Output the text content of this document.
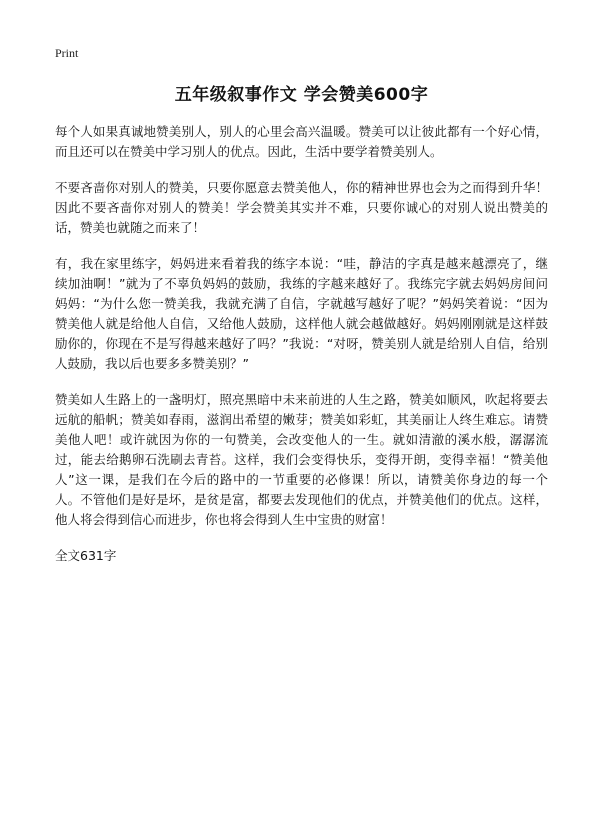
Print
五年级叙事作文 学会赞美600字

每个人如果真诚地赞美别人，别人的心里会高兴温暖。赞美可以让彼此都有一个好心情，而且还可以在赞美中学习别人的优点。因此，生活中要学着赞美别人。

不要吝啬你对别人的赞美，只要你愿意去赞美他人，你的精神世界也会为之而得到升华！因此不要吝啬你对别人的赞美！学会赞美其实并不难，只要你诚心的对别人说出赞美的话，赞美也就随之而来了！

有，我在家里练字，妈妈进来看着我的练字本说：“哇，静洁的字真是越来越漂亮了，继续加油啊！”就为了不辜负妈妈的鼓励，我练的字越来越好了。我练完字就去妈妈房间问妈妈：“为什么您一赞美我，我就充满了自信，字就越写越好了呢？”妈妈笑着说：“因为赞美他人就是给他人自信，又给他人鼓励，这样他人就会越做越好。妈妈刚刚就是这样鼓励你的，你现在不是写得越来越好了吗？”我说：“对呀，赞美别人就是给别人自信，给别人鼓励，我以后也要多多赞美别？”

赞美如人生路上的一盏明灯，照亮黑暗中未来前进的人生之路，赞美如顺风，吹起将要去远航的船帆；赞美如春雨，滋润出希望的嫩芽；赞美如彩虹，其美丽让人终生难忘。请赞美他人吧！或许就因为你的一句赞美，会改变他人的一生。就如清澈的溪水般，潺潺流过，能去给鹅卵石洗刷去青苔。这样，我们会变得快乐，变得开朗，变得幸福！“赞美他人”这一课，是我们在今后的路中的一节重要的必修课！所以，请赞美你身边的每一个人。不管他们是好是坏，是贫是富，都要去发现他们的优点，并赞美他们的优点。这样，他人将会得到信心而进步，你也将会得到人生中宝贵的财富！

全文631字
